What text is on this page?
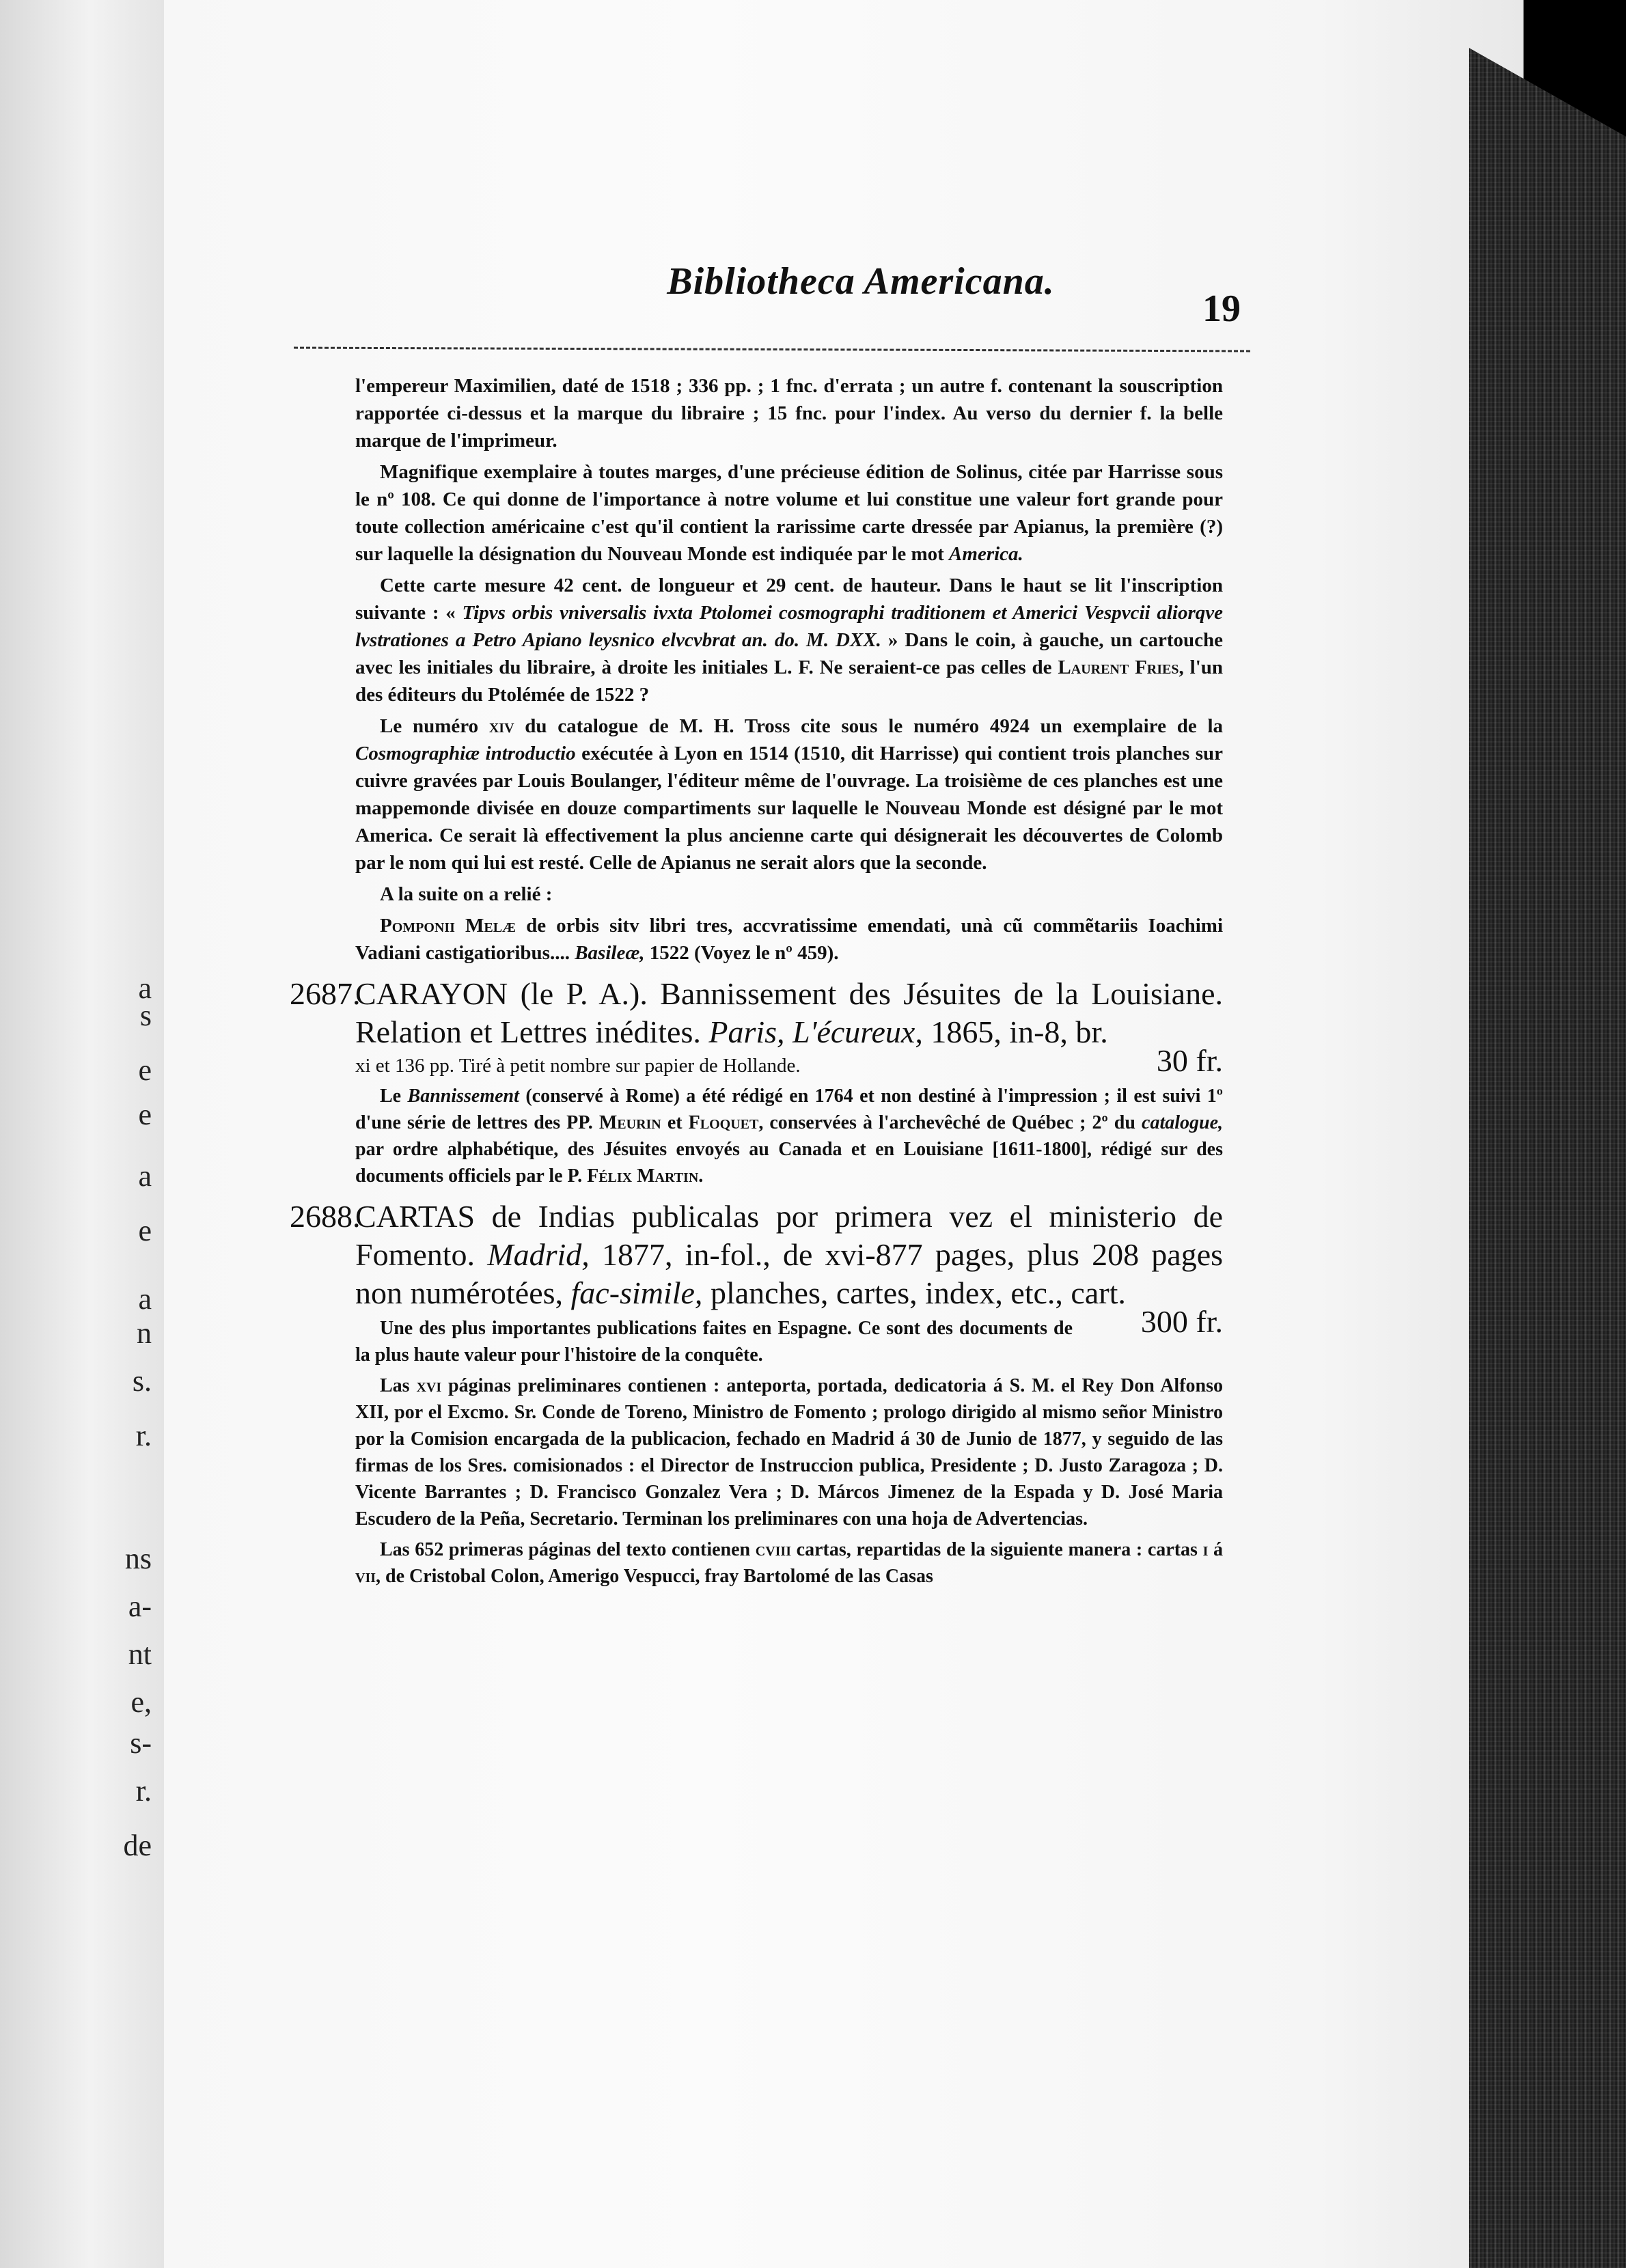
a
s
e
e
a
e
a
n
s.
r.
ns
a-
nt
e,
s-
r.
de
Bibliotheca Americana.
19

l'empereur Maximilien, daté de 1518 ; 336 pp. ; 1 fnc. d'errata ; un autre f. contenant la souscription rapportée ci-dessus et la marque du libraire ; 15 fnc. pour l'index. Au verso du dernier f. la belle marque de l'imprimeur.

Magnifique exemplaire à toutes marges, d'une précieuse édition de Solinus, citée par Harrisse sous le nº 108. Ce qui donne de l'importance à notre volume et lui constitue une valeur fort grande pour toute collection américaine c'est qu'il contient la rarissime carte dressée par Apianus, la première (?) sur laquelle la désignation du Nouveau Monde est indiquée par le mot America.

Cette carte mesure 42 cent. de longueur et 29 cent. de hauteur. Dans le haut se lit l'inscription suivante : « Tipvs orbis vniversalis ivxta Ptolomei cosmographi traditionem et Americi Vespvcii aliorqve lvstrationes a Petro Apiano leysnico elvcvbrat an. do. M. DXX. » Dans le coin, à gauche, un cartouche avec les initiales du libraire, à droite les initiales L. F. Ne seraient-ce pas celles de Laurent Fries, l'un des éditeurs du Ptolémée de 1522 ?

Le numéro xiv du catalogue de M. H. Tross cite sous le numéro 4924 un exemplaire de la Cosmographiæ introductio exécutée à Lyon en 1514 (1510, dit Harrisse) qui contient trois planches sur cuivre gravées par Louis Boulanger, l'éditeur même de l'ouvrage. La troisième de ces planches est une mappemonde divisée en douze compartiments sur laquelle le Nouveau Monde est désigné par le mot America. Ce serait là effectivement la plus ancienne carte qui désignerait les découvertes de Colomb par le nom qui lui est resté. Celle de Apianus ne serait alors que la seconde.

A la suite on a relié :

Pomponii Melæ de orbis sitv libri tres, accvratissime emendati, unà cũ commẽtariis Ioachimi Vadiani castigatioribus.... Basileæ, 1522 (Voyez le nº 459).

2687.
CARAYON (le P. A.). Bannissement des Jésuites de la Louisiane. Relation et Lettres inédites. Paris, L'écureux, 1865, in-8, br.
xi et 136 pp. Tiré à petit nombre sur papier de Hollande.	30 fr.

Le Bannissement (conservé à Rome) a été rédigé en 1764 et non destiné à l'impression ; il est suivi 1º d'une série de lettres des PP. Meurin et Floquet, conservées à l'archevêché de Québec ; 2º du catalogue, par ordre alphabétique, des Jésuites envoyés au Canada et en Louisiane [1611-1800], rédigé sur des documents officiels par le P. Félix Martin.

2688.
CARTAS de Indias publicalas por primera vez el ministerio de Fomento. Madrid, 1877, in-fol., de xvi-877 pages, plus 208 pages non numérotées, fac-simile, planches, cartes, index, etc., cart.

Une des plus importantes publications faites en Espagne. Ce sont des documents de la plus haute valeur pour l'histoire de la conquête.
300 fr.

Las xvi páginas preliminares contienen : anteporta, portada, dedicatoria á S. M. el Rey Don Alfonso XII, por el Excmo. Sr. Conde de Toreno, Ministro de Fomento ; prologo dirigido al mismo señor Ministro por la Comision encargada de la publicacion, fechado en Madrid á 30 de Junio de 1877, y seguido de las firmas de los Sres. comisionados : el Director de Instruccion publica, Presidente ; D. Justo Zaragoza ; D. Vicente Barrantes ; D. Francisco Gonzalez Vera ; D. Márcos Jimenez de la Espada y D. José Maria Escudero de la Peña, Secretario. Terminan los preliminares con una hoja de Advertencias.

Las 652 primeras páginas del texto contienen cviii cartas, repartidas de la siguiente manera : cartas i á vii, de Cristobal Colon, Amerigo Vespucci, fray Bartolomé de las Casas
